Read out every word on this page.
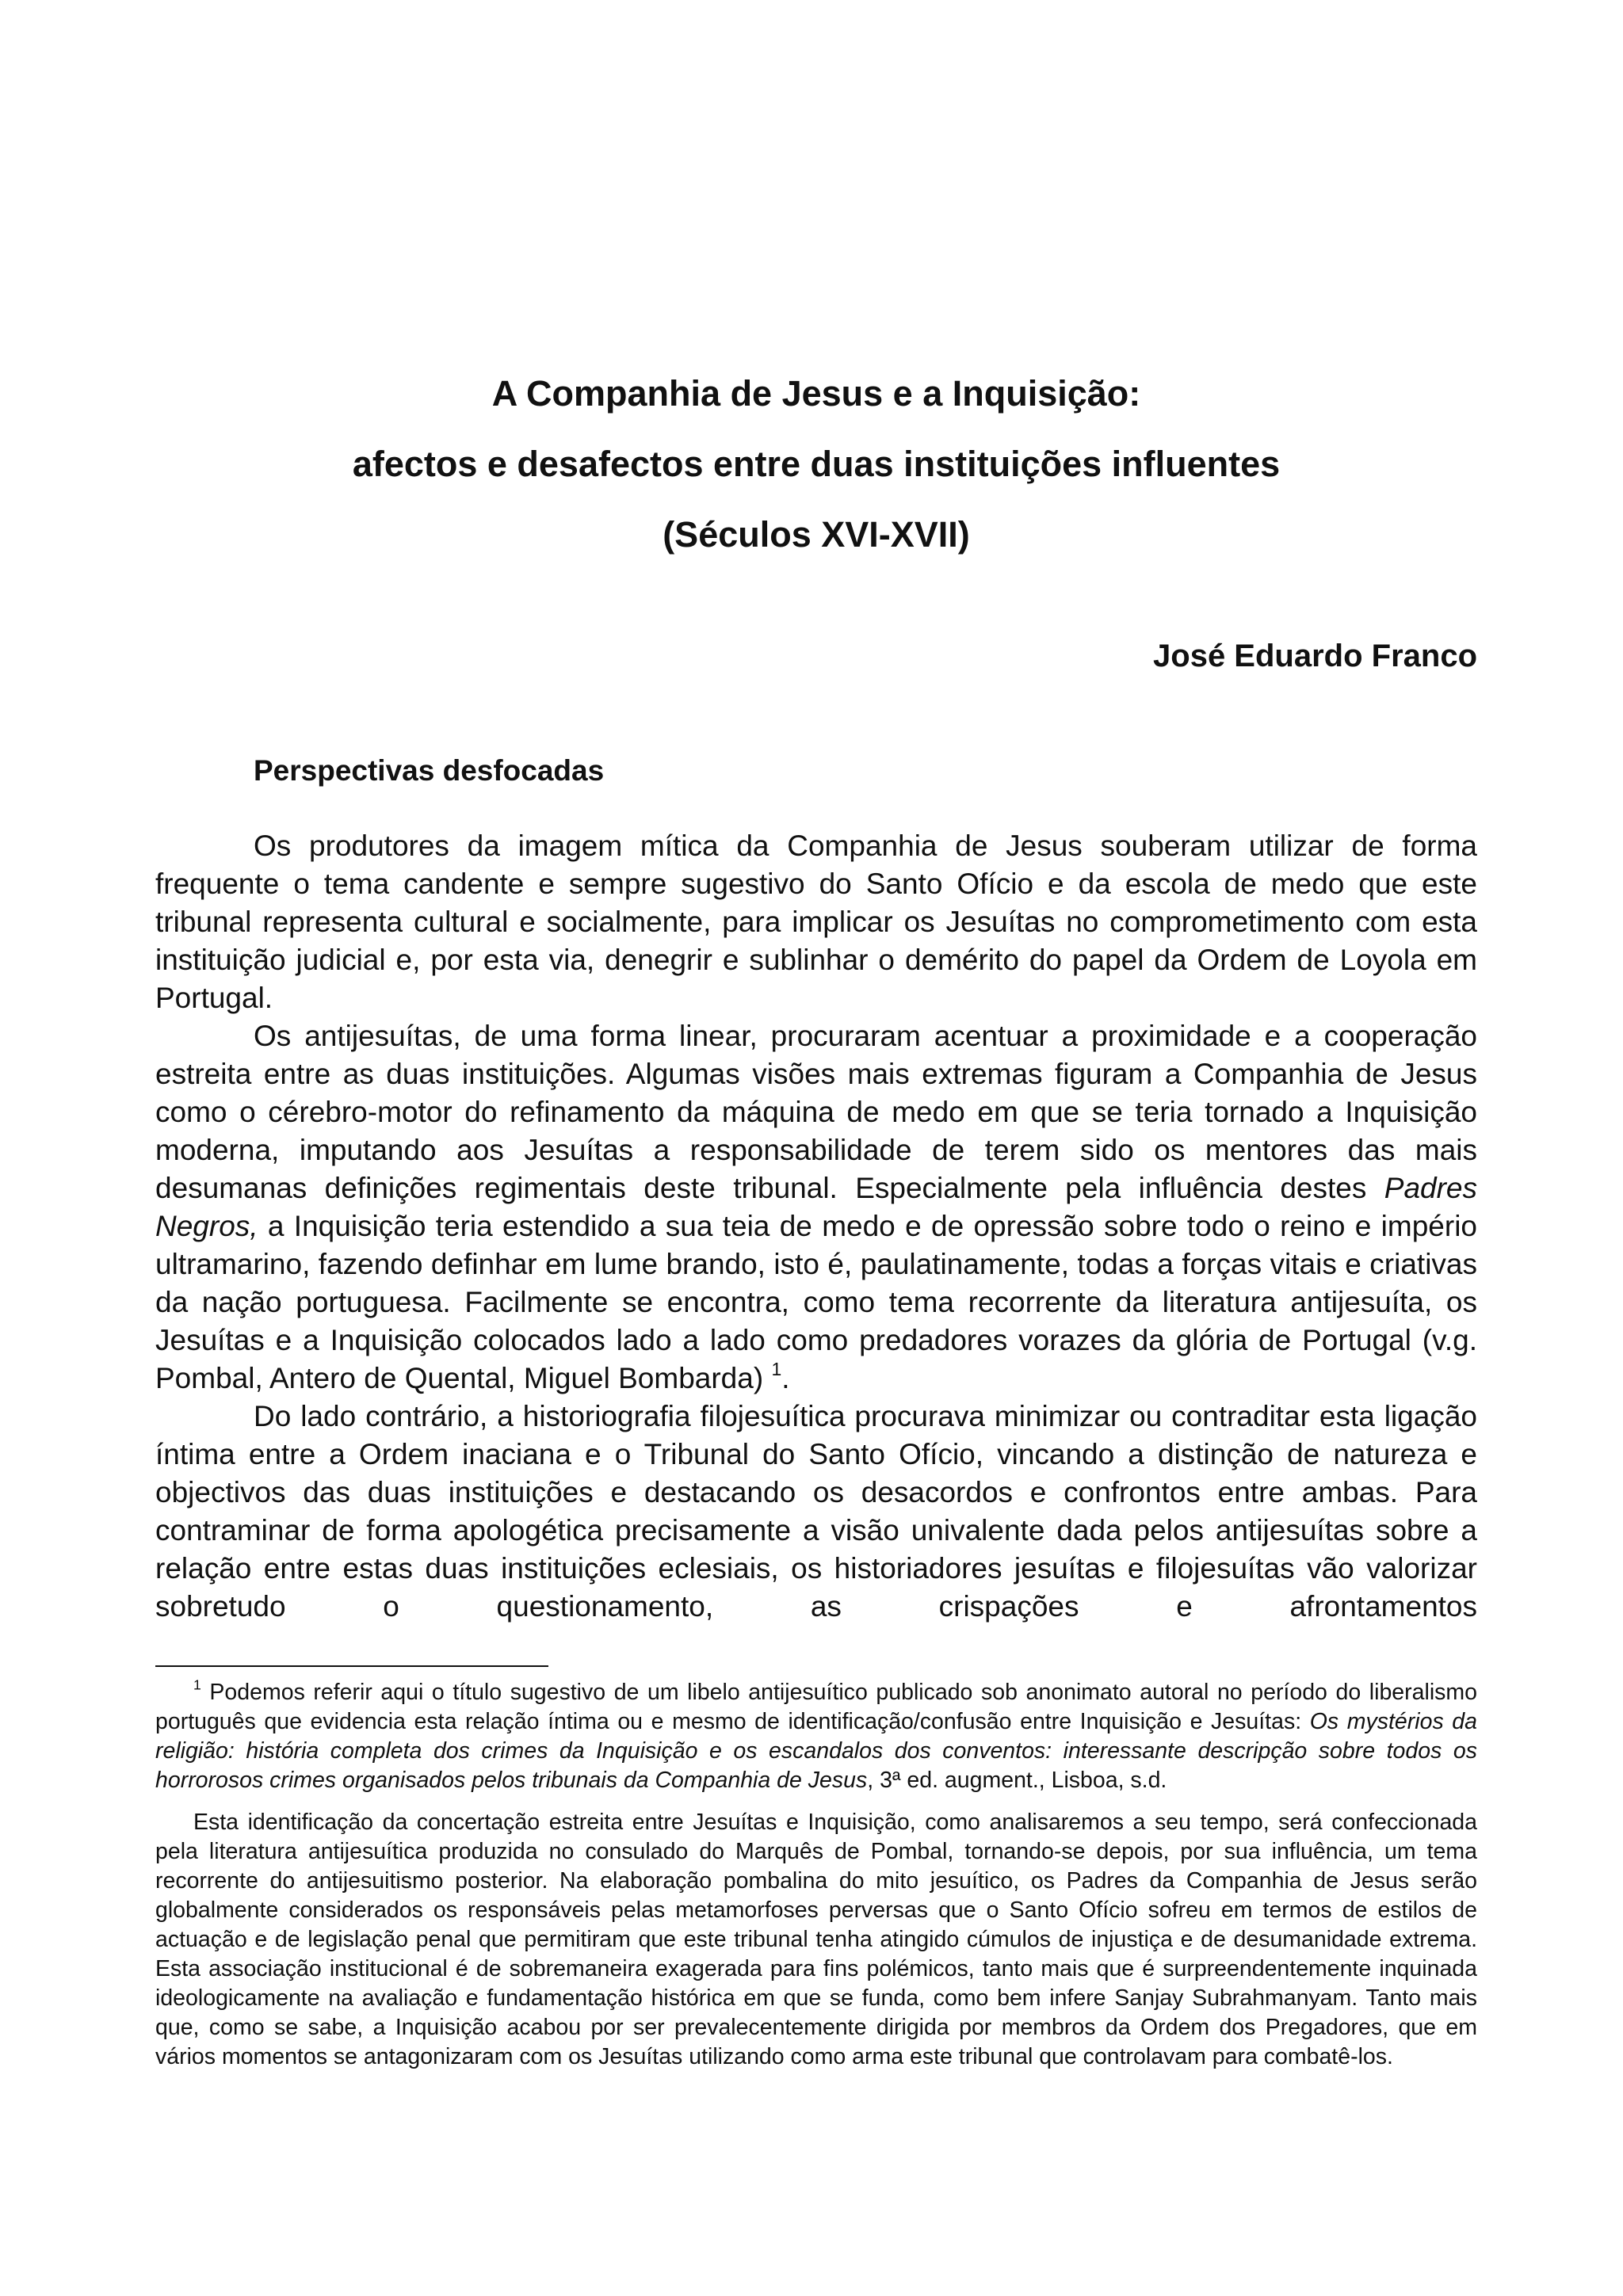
A Companhia de Jesus e a Inquisição:
afectos e desafectos entre duas instituições influentes
(Séculos XVI-XVII)
José Eduardo Franco
Perspectivas desfocadas

Os produtores da imagem mítica da Companhia de Jesus souberam utilizar de forma frequente o tema candente e sempre sugestivo do Santo Ofício e da escola de medo que este tribunal representa cultural e socialmente, para implicar os Jesuítas no comprometimento com esta instituição judicial e, por esta via, denegrir e sublinhar o demérito do papel da Ordem de Loyola em Portugal.

Os antijesuítas, de uma forma linear, procuraram acentuar a proximidade e a cooperação estreita entre as duas instituições. Algumas visões mais extremas figuram a Companhia de Jesus como o cérebro-motor do refinamento da máquina de medo em que se teria tornado a Inquisição moderna, imputando aos Jesuítas a responsabilidade de terem sido os mentores das mais desumanas definições regimentais deste tribunal. Especialmente pela influência destes Padres Negros, a Inquisição teria estendido a sua teia de medo e de opressão sobre todo o reino e império ultramarino, fazendo definhar em lume brando, isto é, paulatinamente, todas a forças vitais e criativas da nação portuguesa. Facilmente se encontra, como tema recorrente da literatura antijesuíta, os Jesuítas e a Inquisição colocados lado a lado como predadores vorazes da glória de Portugal (v.g. Pombal, Antero de Quental, Miguel Bombarda) $^1$.

Do lado contrário, a historiografia filojesuítica procurava minimizar ou contraditar esta ligação íntima entre a Ordem inaciana e o Tribunal do Santo Ofício, vincando a distinção de natureza e objectivos das duas instituições e destacando os desacordos e confrontos entre ambas. Para contraminar de forma apologética precisamente a visão univalente dada pelos antijesuítas sobre a relação entre estas duas instituições eclesiais, os historiadores jesuítas e filojesuítas vão valorizar sobretudo o questionamento, as crispações e afrontamentos

$^1$ Podemos referir aqui o título sugestivo de um libelo antijesuítico publicado sob anonimato autoral no período do liberalismo português que evidencia esta relação íntima ou e mesmo de identificação/confusão entre Inquisição e Jesuítas: Os mystérios da religião: história completa dos crimes da Inquisição e os escandalos dos conventos: interessante descripção sobre todos os horrorosos crimes organisados pelos tribunais da Companhia de Jesus, 3ª ed. augment., Lisboa, s.d.

Esta identificação da concertação estreita entre Jesuítas e Inquisição, como analisaremos a seu tempo, será confeccionada pela literatura antijesuítica produzida no consulado do Marquês de Pombal, tornando-se depois, por sua influência, um tema recorrente do antijesuitismo posterior. Na elaboração pombalina do mito jesuítico, os Padres da Companhia de Jesus serão globalmente considerados os responsáveis pelas metamorfoses perversas que o Santo Ofício sofreu em termos de estilos de actuação e de legislação penal que permitiram que este tribunal tenha atingido cúmulos de injustiça e de desumanidade extrema. Esta associação institucional é de sobremaneira exagerada para fins polémicos, tanto mais que é surpreendentemente inquinada ideologicamente na avaliação e fundamentação histórica em que se funda, como bem infere Sanjay Subrahmanyam. Tanto mais que, como se sabe, a Inquisição acabou por ser prevalecentemente dirigida por membros da Ordem dos Pregadores, que em vários momentos se antagonizaram com os Jesuítas utilizando como arma este tribunal que controlavam para combatê-los.
